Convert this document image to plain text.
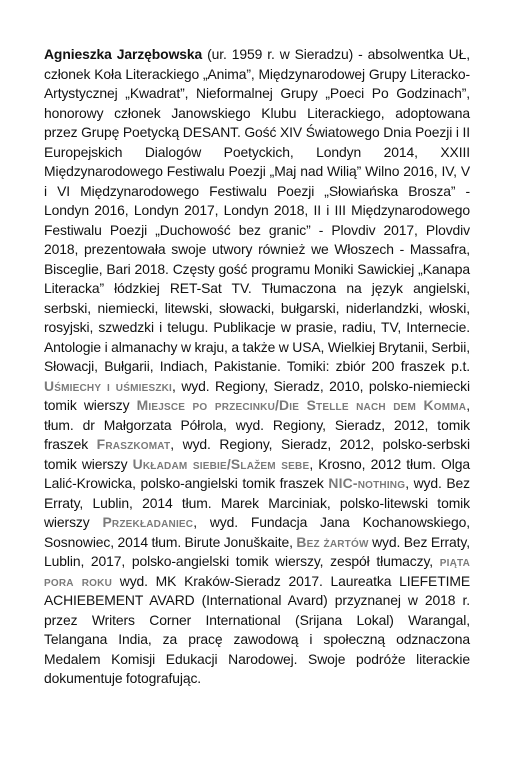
Agnieszka Jarzębowska (ur. 1959 r. w Sieradzu) - absolwentka UŁ, członek Koła Literackiego „Anima”, Międzynarodowej Grupy Literacko-Artystycznej „Kwadrat”, Nieformalnej Grupy „Poeci Po Godzinach”, honorowy członek Janowskiego Klubu Literackiego, adoptowana przez Grupę Poetycką DESANT. Gość XIV Światowego Dnia Poezji i II Europejskich Dialogów Poetyckich, Londyn 2014, XXIII Międzynarodowego Festiwalu Poezji „Maj nad Wilią” Wilno 2016, IV, V i VI Międzynarodowego Festiwalu Poezji „Słowiańska Brosza” - Londyn 2016, Londyn 2017, Londyn 2018, II i III Międzynarodowego Festiwalu Poezji „Duchowość bez granic” - Plovdiv 2017, Plovdiv 2018, prezentowała swoje utwory również we Włoszech - Massafra, Bisceglie, Bari 2018. Częsty gość programu Moniki Sawickiej „Kanapa Literacka” łódzkiej RET-Sat TV. Tłumaczona na język angielski, serbski, niemiecki, litewski, słowacki, bułgarski, niderlandzki, włoski, rosyjski, szwedzki i telugu. Publikacje w prasie, radiu, TV, Internecie. Antologie i almanachy w kraju, a także w USA, Wielkiej Brytanii, Serbii, Słowacji, Bułgarii, Indiach, Pakistanie. Tomiki: zbiór 200 fraszek p.t. Uśmiechy i uśmieszki, wyd. Regiony, Sieradz, 2010, polsko-niemiecki tomik wierszy Miejsce po przecinku/Die Stelle nach dem Komma, tłum. dr Małgorzata Półrola, wyd. Regiony, Sieradz, 2012, tomik fraszek Fraszkomat, wyd. Regiony, Sieradz, 2012, polsko-serbski tomik wierszy Układam siebie/Slažem sebe, Krosno, 2012 tłum. Olga Lalić-Krowicka, polsko-angielski tomik fraszek NIC-nothing, wyd. Bez Erraty, Lublin, 2014 tłum. Marek Marciniak, polsko-litewski tomik wierszy Przekładaniec, wyd. Fundacja Jana Kochanowskiego, Sosnowiec, 2014 tłum. Birute Jonuškaite, Bez żartów wyd. Bez Erraty, Lublin, 2017, polsko-angielski tomik wierszy, zespół tłumaczy, piąta pora roku wyd. MK Kraków-Sieradz 2017. Laureatka LIEFETIME ACHIEBEMENT AVARD (International Avard) przyznanej w 2018 r. przez Writers Corner International (Srijana Lokal) Warangal, Telangana India, za pracę zawodową i społeczną odznaczona Medalem Komisji Edukacji Narodowej. Swoje podróże literackie dokumentuje fotografując.
